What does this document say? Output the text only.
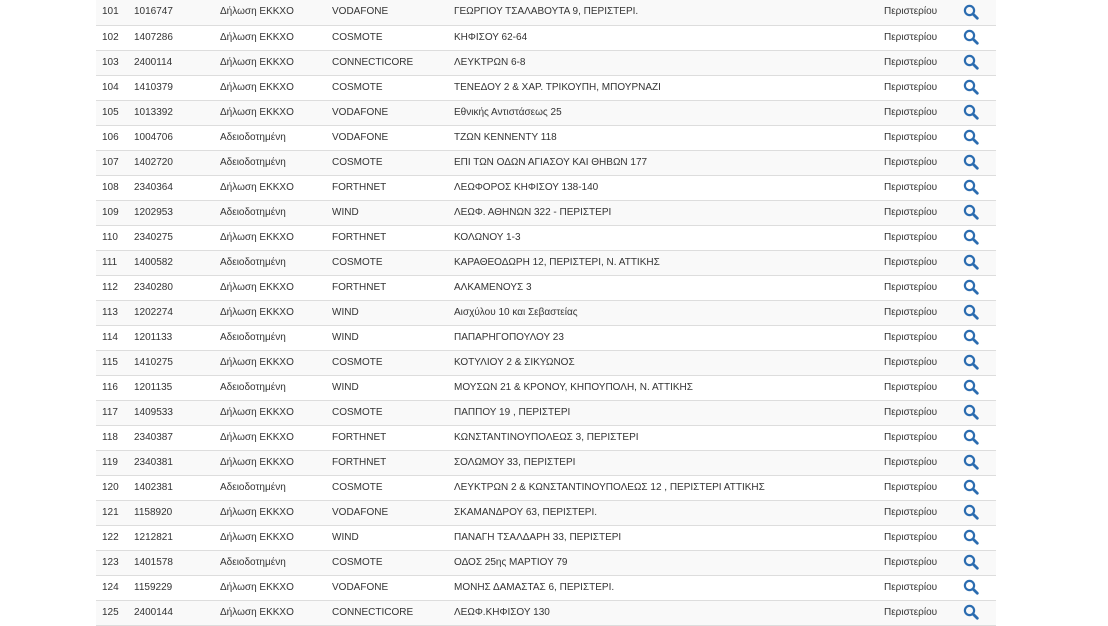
101	1016747	Δήλωση ΕΚΚΧΟ	VODAFONE	ΓΕΩΡΓΙΟΥ ΤΣΑΛΑΒΟΥΤΑ 9, ΠΕΡΙΣΤΕΡΙ.	Περιστερίου	

102	1407286	Δήλωση ΕΚΚΧΟ	COSMOTE	ΚΗΦΙΣΟΥ 62-64	Περιστερίου	

103	2400114	Δήλωση ΕΚΚΧΟ	CONNECTICORE	ΛΕΥΚΤΡΩΝ 6-8	Περιστερίου	

104	1410379	Δήλωση ΕΚΚΧΟ	COSMOTE	ΤΕΝΕΔΟΥ 2 & ΧΑΡ. ΤΡΙΚΟΥΠΗ, ΜΠΟΥΡΝΑΖΙ	Περιστερίου	

105	1013392	Δήλωση ΕΚΚΧΟ	VODAFONE	Εθνικής Αντιστάσεως 25	Περιστερίου	

106	1004706	Αδειοδοτημένη	VODAFONE	ΤΖΩΝ ΚΕΝΝΕΝΤΥ 118	Περιστερίου	

107	1402720	Αδειοδοτημένη	COSMOTE	ΕΠΙ ΤΩΝ ΟΔΩΝ ΑΓΙΑΣΟΥ ΚΑΙ ΘΗΒΩΝ 177	Περιστερίου	

108	2340364	Δήλωση ΕΚΚΧΟ	FORTHNET	ΛΕΩΦΟΡΟΣ ΚΗΦΙΣΟΥ 138-140	Περιστερίου	

109	1202953	Αδειοδοτημένη	WIND	ΛΕΩΦ. ΑΘΗΝΩΝ 322 - ΠΕΡΙΣΤΕΡΙ	Περιστερίου	

110	2340275	Δήλωση ΕΚΚΧΟ	FORTHNET	ΚΟΛΩΝΟΥ 1-3	Περιστερίου	

111	1400582	Αδειοδοτημένη	COSMOTE	ΚΑΡΑΘΕΟΔΩΡΗ 12, ΠΕΡΙΣΤΕΡΙ, Ν. ΑΤΤΙΚΗΣ	Περιστερίου	

112	2340280	Δήλωση ΕΚΚΧΟ	FORTHNET	ΑΛΚΑΜΕΝΟΥΣ 3	Περιστερίου	

113	1202274	Δήλωση ΕΚΚΧΟ	WIND	Αισχύλου 10 και Σεβαστείας	Περιστερίου	

114	1201133	Αδειοδοτημένη	WIND	ΠΑΠΑΡΗΓΟΠΟΥΛΟΥ 23	Περιστερίου	

115	1410275	Δήλωση ΕΚΚΧΟ	COSMOTE	ΚΟΤΥΛΙΟΥ 2 & ΣΙΚΥΩΝΟΣ	Περιστερίου	

116	1201135	Αδειοδοτημένη	WIND	ΜΟΥΣΩΝ 21 & ΚΡΟΝΟΥ, ΚΗΠΟΥΠΟΛΗ, Ν. ΑΤΤΙΚΗΣ	Περιστερίου	

117	1409533	Δήλωση ΕΚΚΧΟ	COSMOTE	ΠΑΠΠΟΥ 19 , ΠΕΡΙΣΤΕΡΙ	Περιστερίου	

118	2340387	Δήλωση ΕΚΚΧΟ	FORTHNET	ΚΩΝΣΤΑΝΤΙΝΟΥΠΟΛΕΩΣ 3, ΠΕΡΙΣΤΕΡΙ	Περιστερίου	

119	2340381	Δήλωση ΕΚΚΧΟ	FORTHNET	ΣΟΛΩΜΟΥ 33, ΠΕΡΙΣΤΕΡΙ	Περιστερίου	

120	1402381	Αδειοδοτημένη	COSMOTE	ΛΕΥΚΤΡΩΝ 2 & ΚΩΝΣΤΑΝΤΙΝΟΥΠΟΛΕΩΣ 12 , ΠΕΡΙΣΤΕΡΙ ΑΤΤΙΚΗΣ	Περιστερίου	

121	1158920	Δήλωση ΕΚΚΧΟ	VODAFONE	ΣΚΑΜΑΝΔΡΟΥ 63, ΠΕΡΙΣΤΕΡΙ.	Περιστερίου	

122	1212821	Δήλωση ΕΚΚΧΟ	WIND	ΠΑΝΑΓΗ ΤΣΑΛΔΑΡΗ 33, ΠΕΡΙΣΤΕΡΙ	Περιστερίου	

123	1401578	Αδειοδοτημένη	COSMOTE	ΟΔΟΣ 25ης ΜΑΡΤΙΟΥ 79	Περιστερίου	

124	1159229	Δήλωση ΕΚΚΧΟ	VODAFONE	ΜΟΝΗΣ ΔΑΜΑΣΤΑΣ 6, ΠΕΡΙΣΤΕΡΙ.	Περιστερίου	

125	2400144	Δήλωση ΕΚΚΧΟ	CONNECTICORE	ΛΕΩΦ.ΚΗΦΙΣΟΥ 130	Περιστερίου	
